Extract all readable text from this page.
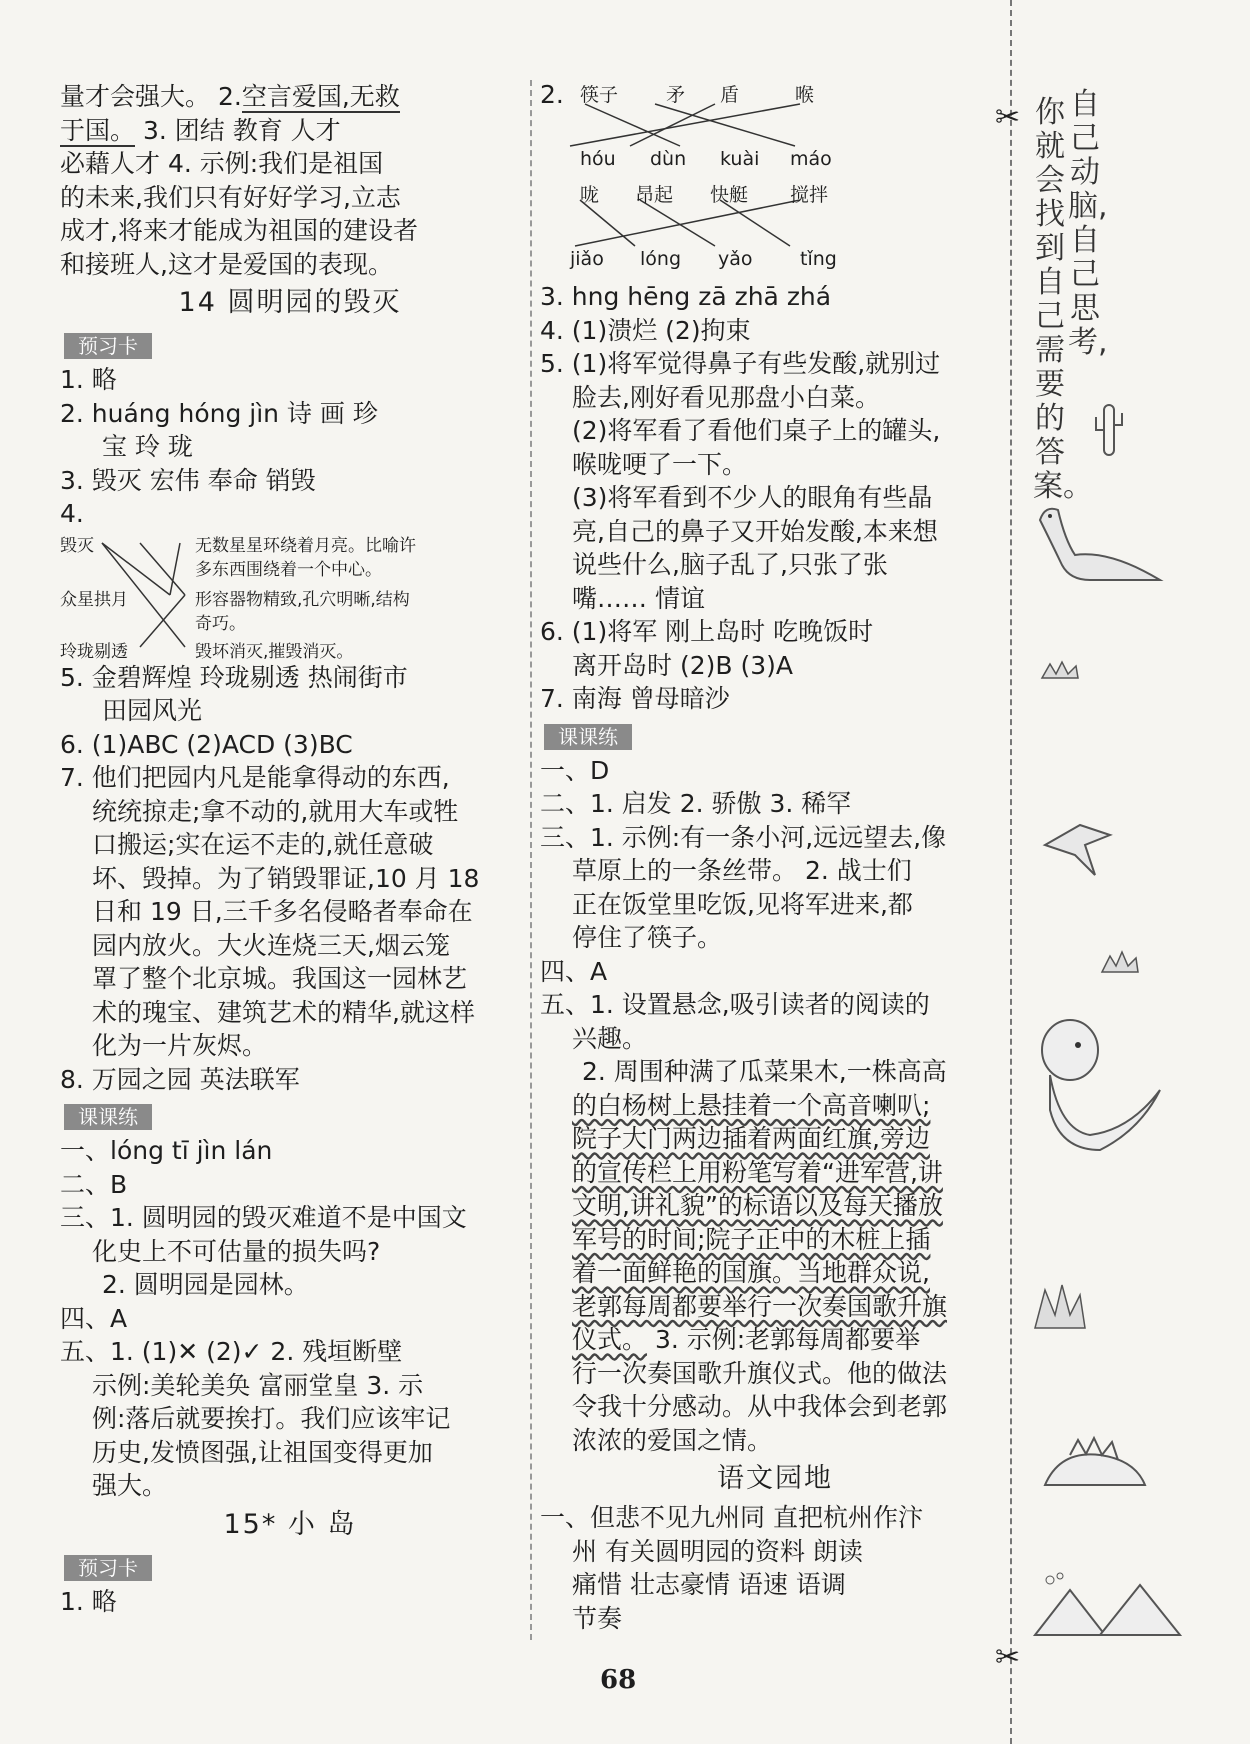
量才会强大。 2.空言爱国,无救
于国。 3. 团结 教育 人才
必藉人才 4. 示例:我们是祖国
的未来,我们只有好好学习,立志
成才,将来才能成为祖国的建设者
和接班人,这才是爱国的表现。
14 圆明园的毁灭
预习卡
1. 略
2. huáng hóng jìn 诗 画 珍
宝 玲 珑
3. 毁灭 宏伟 奉命 销毁
4.
毁灭
众星拱月
玲珑剔透
无数星星环绕着月亮。比喻许
多东西围绕着一个中心。
形容器物精致,孔穴明晰,结构
奇巧。
毁坏消灭,摧毁消灭。
5. 金碧辉煌 玲珑剔透 热闹街市
田园风光
6. (1)ABC (2)ACD (3)BC
7. 他们把园内凡是能拿得动的东西,
统统掠走;拿不动的,就用大车或牲
口搬运;实在运不走的,就任意破
坏、毁掉。为了销毁罪证,10 月 18
日和 19 日,三千多名侵略者奉命在
园内放火。大火连烧三天,烟云笼
罩了整个北京城。我国这一园林艺
术的瑰宝、建筑艺术的精华,就这样
化为一片灰烬。
8. 万园之园 英法联军
课课练
一、lóng tī jìn lán
二、B
三、1. 圆明园的毁灭难道不是中国文
化史上不可估量的损失吗?
2. 圆明园是园林。
四、A
五、1. (1)✕ (2)✓ 2. 残垣断壁
示例:美轮美奂 富丽堂皇 3. 示
例:落后就要挨打。我们应该牢记
历史,发愤图强,让祖国变得更加
强大。
15* 小 岛
预习卡
1. 略
2. 筷子	矛 盾	喉
hóu dùn kuài máo
咙 昂起 快艇 搅拌
jiǎo lóng yǎo tǐng
3. hng hēng zā zhā zhá
4. (1)溃烂 (2)拘束
5. (1)将军觉得鼻子有些发酸,就别过
脸去,刚好看见那盘小白菜。
(2)将军看了看他们桌子上的罐头,
喉咙哽了一下。
(3)将军看到不少人的眼角有些晶
亮,自己的鼻子又开始发酸,本来想
说些什么,脑子乱了,只张了张
嘴…… 情谊
6. (1)将军 刚上岛时 吃晚饭时
离开岛时 (2)B (3)A
7. 南海 曾母暗沙
课课练
一、D
二、1. 启发 2. 骄傲 3. 稀罕
三、1. 示例:有一条小河,远远望去,像
草原上的一条丝带。 2. 战士们
正在饭堂里吃饭,见将军进来,都
停住了筷子。
四、A
五、1. 设置悬念,吸引读者的阅读的
兴趣。
2. 周围种满了瓜菜果木,一株高高
的白杨树上悬挂着一个高音喇叭;
院子大门两边插着两面红旗,旁边
的宣传栏上用粉笔写着“进军营,讲
文明,讲礼貌”的标语以及每天播放
军号的时间;院子正中的木桩上插
着一面鲜艳的国旗。当地群众说,
老郭每周都要举行一次奏国歌升旗
仪式。 3. 示例:老郭每周都要举
行一次奏国歌升旗仪式。他的做法
令我十分感动。从中我体会到老郭
浓浓的爱国之情。
语文园地
一、但悲不见九州同 直把杭州作汴
州 有关圆明园的资料 朗读
痛惜 壮志豪情 语速 语调
节奏
✂
✂
你就会找到自己需要的答案。
自己动脑,自己思考,
68
